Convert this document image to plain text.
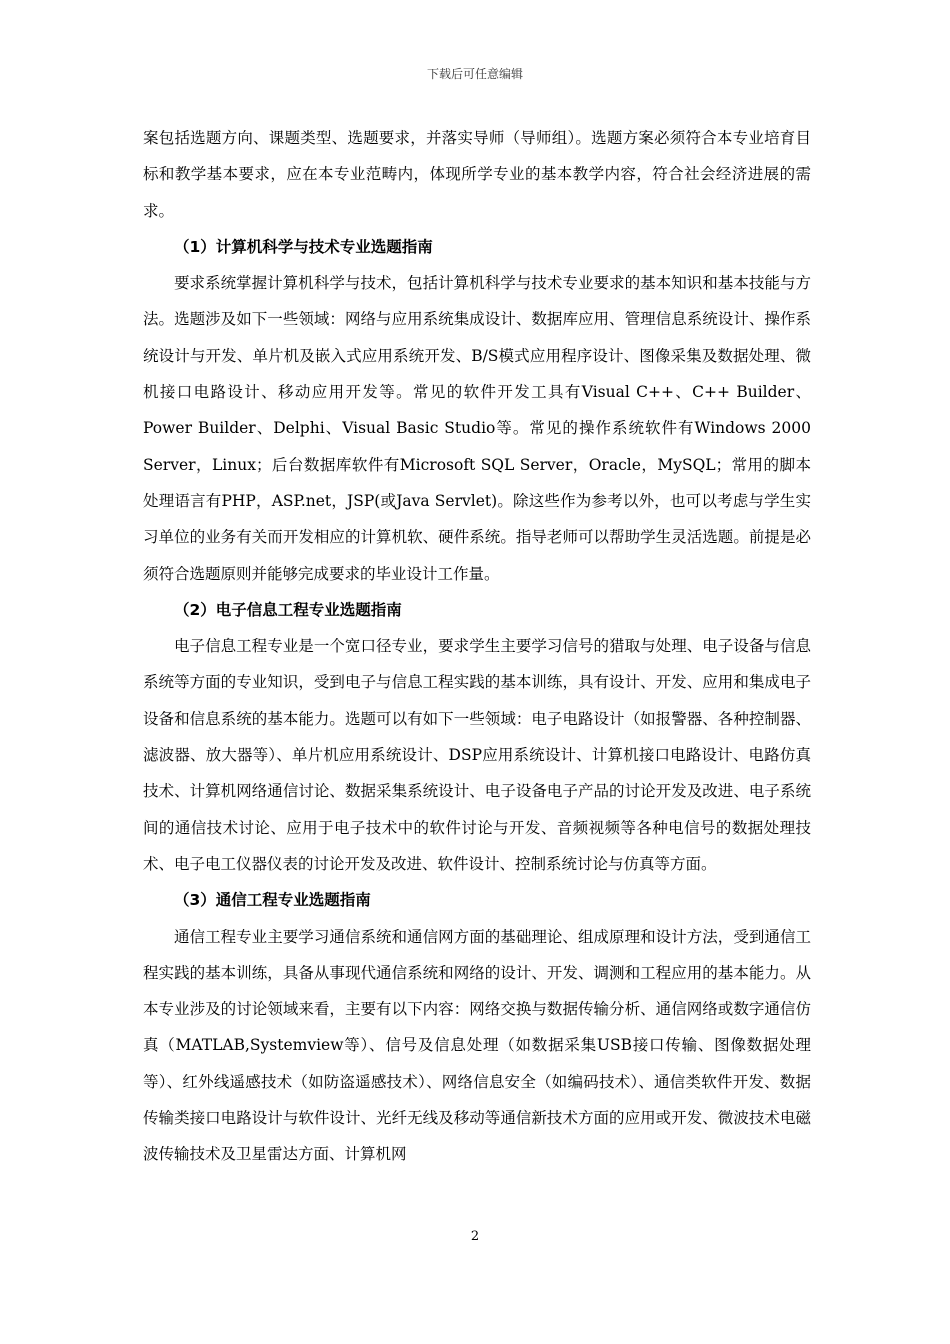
下载后可任意编辑

案包括选题方向、课题类型、选题要求，并落实导师（导师组）。选题方案必须符合本专业培育目标和教学基本要求，应在本专业范畴内，体现所学专业的基本教学内容，符合社会经济进展的需求。

（1）计算机科学与技术专业选题指南

要求系统掌握计算机科学与技术，包括计算机科学与技术专业要求的基本知识和基本技能与方法。选题涉及如下一些领域：网络与应用系统集成设计、数据库应用、管理信息系统设计、操作系统设计与开发、单片机及嵌入式应用系统开发、B/S模式应用程序设计、图像采集及数据处理、微机接口电路设计、移动应用开发等。常见的软件开发工具有Visual C++、C++ Builder、Power Builder、Delphi、Visual Basic Studio等。常见的操作系统软件有Windows 2000 Server，Linux；后台数据库软件有Microsoft SQL Server，Oracle，MySQL；常用的脚本处理语言有PHP，ASP.net，JSP(或Java Servlet)。除这些作为参考以外，也可以考虑与学生实习单位的业务有关而开发相应的计算机软、硬件系统。指导老师可以帮助学生灵活选题。前提是必须符合选题原则并能够完成要求的毕业设计工作量。

（2）电子信息工程专业选题指南

电子信息工程专业是一个宽口径专业，要求学生主要学习信号的猎取与处理、电子设备与信息系统等方面的专业知识，受到电子与信息工程实践的基本训练，具有设计、开发、应用和集成电子设备和信息系统的基本能力。选题可以有如下一些领域：电子电路设计（如报警器、各种控制器、滤波器、放大器等）、单片机应用系统设计、DSP应用系统设计、计算机接口电路设计、电路仿真技术、计算机网络通信讨论、数据采集系统设计、电子设备电子产品的讨论开发及改进、电子系统间的通信技术讨论、应用于电子技术中的软件讨论与开发、音频视频等各种电信号的数据处理技术、电子电工仪器仪表的讨论开发及改进、软件设计、控制系统讨论与仿真等方面。

（3）通信工程专业选题指南

通信工程专业主要学习通信系统和通信网方面的基础理论、组成原理和设计方法，受到通信工程实践的基本训练，具备从事现代通信系统和网络的设计、开发、调测和工程应用的基本能力。从本专业涉及的讨论领域来看，主要有以下内容：网络交换与数据传输分析、通信网络或数字通信仿真（MATLAB,Systemview等）、信号及信息处理（如数据采集USB接口传输、图像数据处理等）、红外线遥感技术（如防盗遥感技术）、网络信息安全（如编码技术）、通信类软件开发、数据传输类接口电路设计与软件设计、光纤无线及移动等通信新技术方面的应用或开发、微波技术电磁波传输技术及卫星雷达方面、计算机网

2
